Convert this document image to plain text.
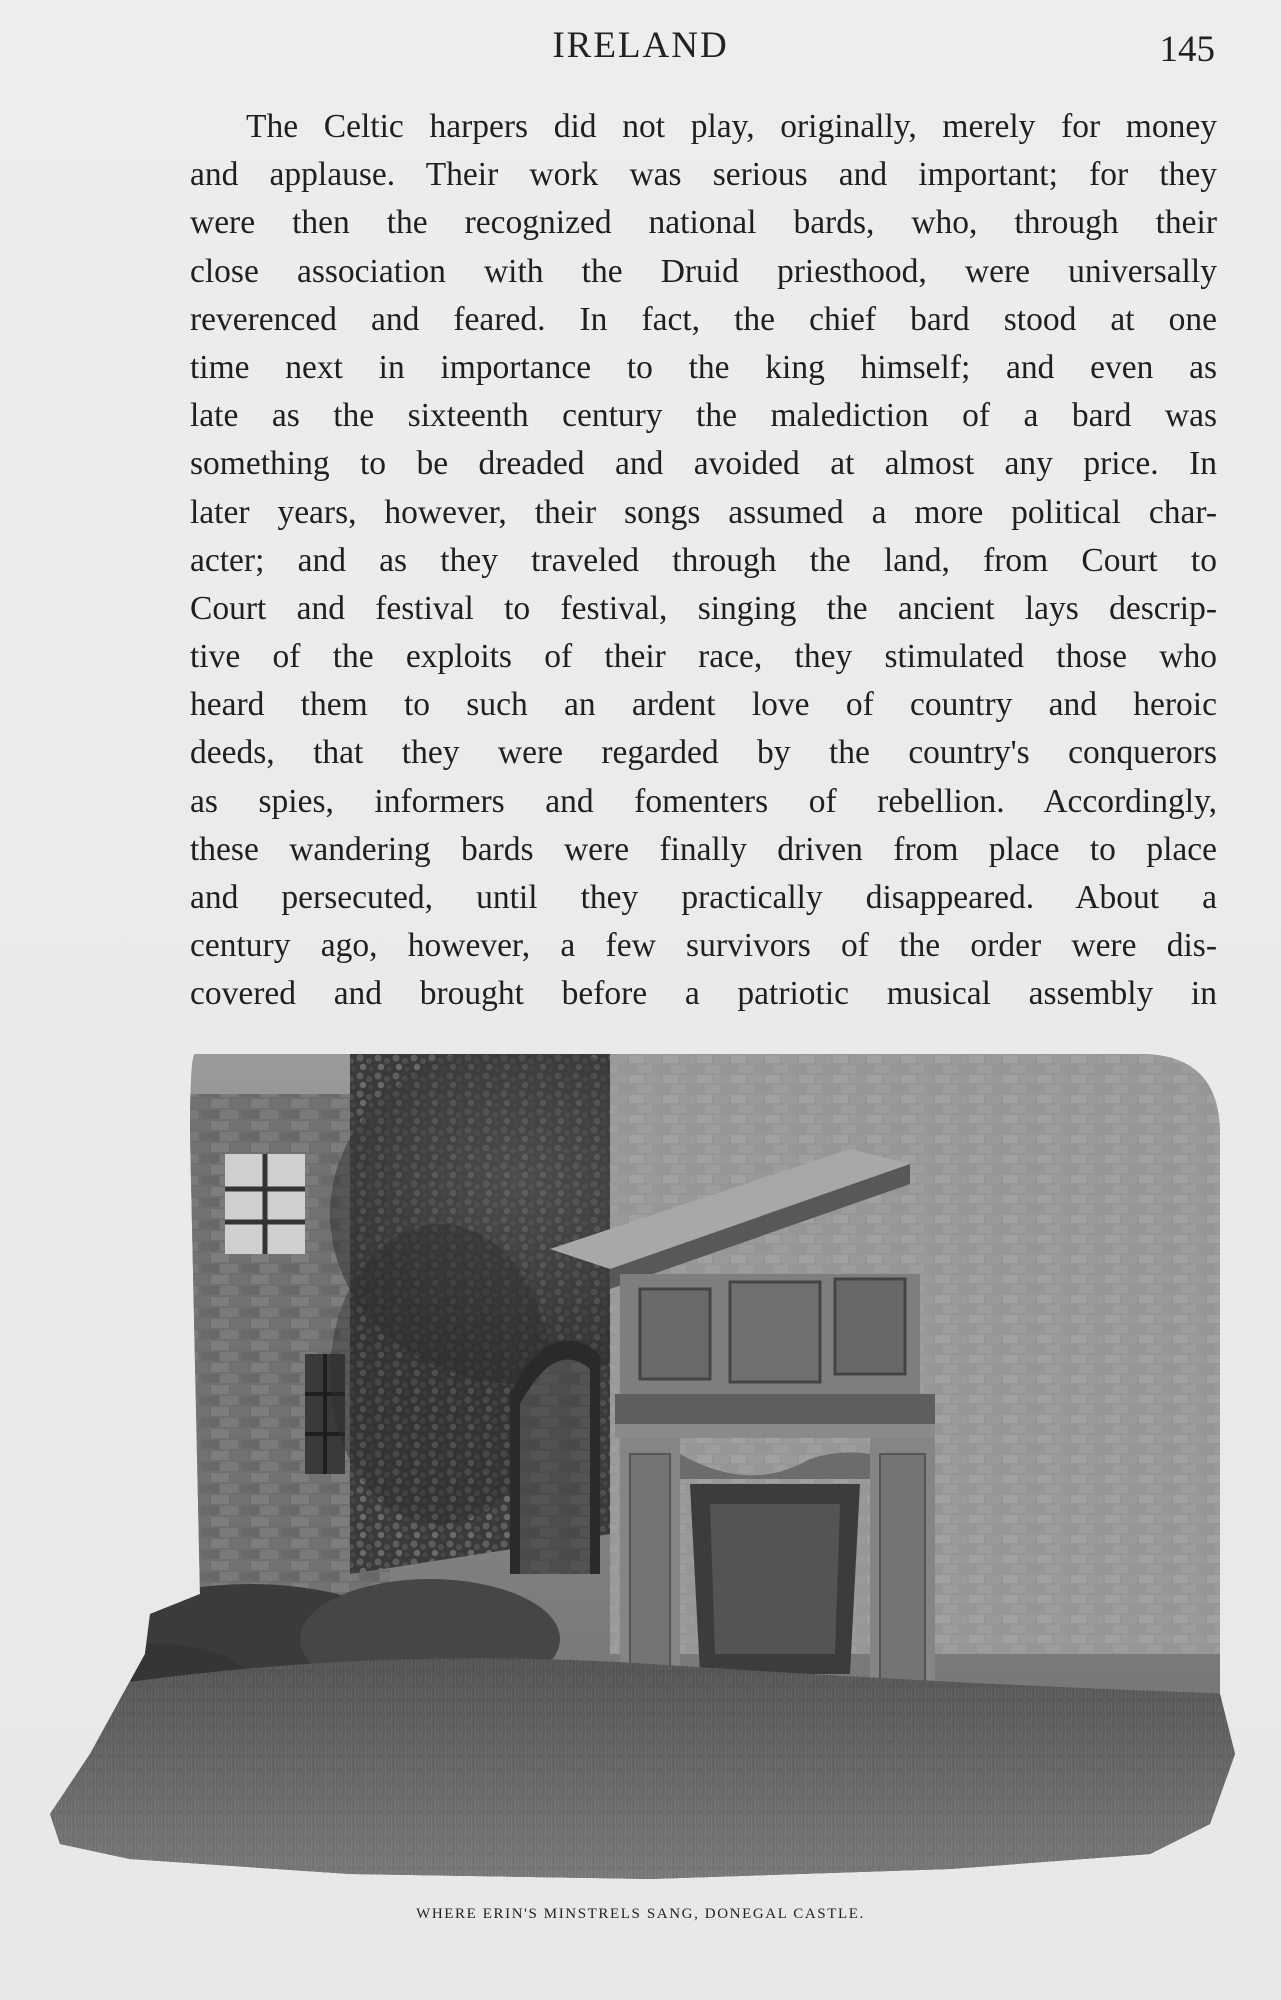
IRELAND	145
The Celtic harpers did not play, originally, merely for money
and applause. Their work was serious and important; for they
were then the recognized national bards, who, through their
close association with the Druid priesthood, were universally
reverenced and feared. In fact, the chief bard stood at one
time next in importance to the king himself; and even as
late as the sixteenth century the malediction of a bard was
something to be dreaded and avoided at almost any price. In
later years, however, their songs assumed a more political char-
acter; and as they traveled through the land, from Court to
Court and festival to festival, singing the ancient lays descrip-
tive of the exploits of their race, they stimulated those who
heard them to such an ardent love of country and heroic
deeds, that they were regarded by the country's conquerors
as spies, informers and fomenters of rebellion. Accordingly,
these wandering bards were finally driven from place to place
and persecuted, until they practically disappeared. About a
century ago, however, a few survivors of the order were dis-
covered and brought before a patriotic musical assembly in
WHERE ERIN'S MINSTRELS SANG, DONEGAL CASTLE.
